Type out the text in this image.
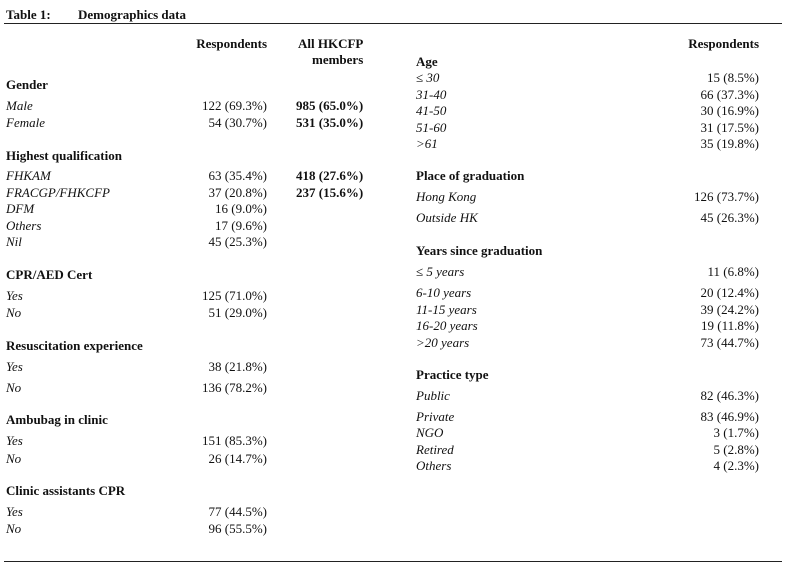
Table 1: Demographics data
Respondents All HKCFP
members
Respondents
Gender
Male	122 (69.3%) 985 (65.0%)
Female	54 (30.7%) 531 (35.0%)
Highest qualification
FHKAM	63 (35.4%) 418 (27.6%)
FRACGP/FHKCFP	37 (20.8%) 237 (15.6%)
DFM	16 (9.0%)
Others	17 (9.6%)
Nil	45 (25.3%)
CPR/AED Cert
Yes	125 (71.0%)
No	51 (29.0%)
Resuscitation experience
Yes	38 (21.8%)
No	136 (78.2%)
Ambubag in clinic
Yes	151 (85.3%)
No	26 (14.7%)
Clinic assistants CPR
Yes	77 (44.5%)
No	96 (55.5%)
Age
≤ 30	15 (8.5%)
31-40	66 (37.3%)
41-50	30 (16.9%)
51-60	31 (17.5%)
>61	35 (19.8%)
Place of graduation
Hong Kong	126 (73.7%)
Outside HK	45 (26.3%)
Years since graduation
≤ 5 years	11 (6.8%)
6-10 years	20 (12.4%)
11-15 years	39 (24.2%)
16-20 years	19 (11.8%)
>20 years	73 (44.7%)
Practice type
Public	82 (46.3%)
Private	83 (46.9%)
NGO	3 (1.7%)
Retired	5 (2.8%)
Others	4 (2.3%)
